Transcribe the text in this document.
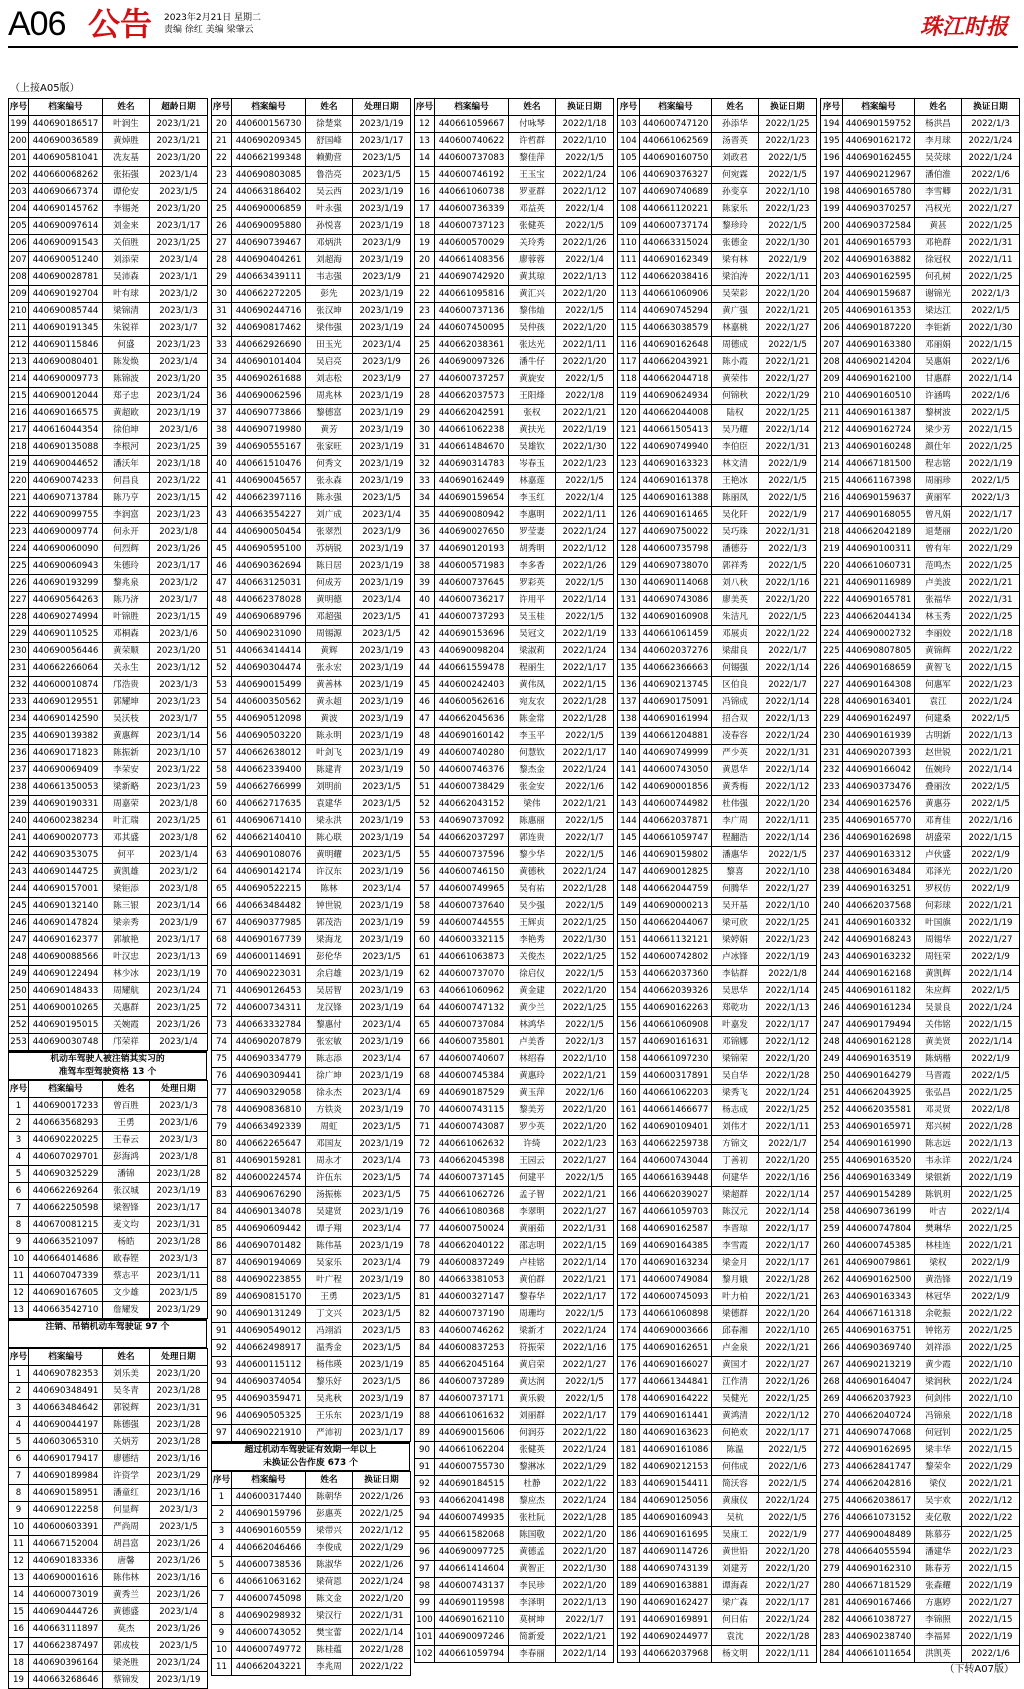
A06 公告 2023年2月21日 星期二
责编 徐红 美编 梁肇云	珠江时报
（上接A05版）
序号	档案编号	姓名	超龄日期
199	440690186517	叶润生	2023/1/21
200	440690036589	黄焯胜	2023/1/21
201	440690581041	冼友基	2023/1/20
202	440660068262	张拓强	2023/1/4
203	440690667374	谭伦安	2023/1/5
204	440690145762	李锡尧	2023/1/20
205	440690097614	刘金来	2023/1/17
206	440690091543	关佰胜	2023/1/25
207	440690051240	刘添荣	2023/1/4
208	440690028781	吴沛森	2023/1/1
209	440690192704	叶有球	2023/1/2
210	440690085744	梁锦清	2023/1/3
211	440690191345	朱锐祥	2023/1/7
212	440690115846	何盛	2023/1/23
213	440690080401	陈发焕	2023/1/4
214	440690009773	陈锦波	2023/1/20
215	440690012044	郑子忠	2023/1/24
216	440690166575	黄超欧	2023/1/19
217	440616044354	徐伯坤	2023/1/6
218	440690135088	李根河	2023/1/25
219	440690044652	潘沃年	2023/1/18
220	440690074233	何昌良	2023/1/22
221	440690713784	陈乃亨	2023/1/15
222	440690099755	李润富	2023/1/23
223	440690009774	何永开	2023/1/8
224	440690060090	何烈辉	2023/1/26
225	440690060943	朱德玲	2023/1/17
226	440690193299	黎兆泉	2023/1/2
227	440690564263	陈乃济	2023/1/7
228	440690274994	叶锦胜	2023/1/15
229	440690110525	邓桐森	2023/1/6
230	440690056446	黄荣顺	2023/1/20
231	440662266064	关永生	2023/1/12
232	440600010874	邝浩贵	2023/1/3
233	440690129551	郭耀坤	2023/1/23
234	440690142590	吴沃枝	2023/1/7
235	440690139382	黄惠辉	2023/1/14
236	440690171823	陈振新	2023/1/10
237	440690069409	李荣安	2023/1/22
238	440661350053	梁新略	2023/1/23
239	440690190331	周嘉荣	2023/1/8
240	440600238234	叶汇瑞	2023/1/25
241	440690020773	邓其盛	2023/1/8
242	440690353075	何平	2023/1/4
243	440690144725	黄凯雄	2023/1/2
244	440690157001	梁钜添	2023/1/8
245	440690132140	陈三银	2023/1/14
246	440690147824	梁亲秀	2023/1/9
247	440690162377	郭敏艳	2023/1/17
248	440690088566	叶汉忠	2023/1/13
249	440690122494	林少冰	2023/1/19
250	440690148433	周耀航	2023/1/24
251	440690010265	关惠群	2023/1/25
252	440690195015	关婉霞	2023/1/26
253	440690030748	邝荣祥	2023/1/4
机动车驾驶人被注销其实习的
准驾车型驾驶资格 13 个
序号	档案编号	姓名	处理日期
1	440690017233	曾百胜	2023/1/3
2	440663568293	王勇	2023/1/6
3	440690220225	王春云	2023/1/3
4	440607029701	彭海鸿	2023/1/8
5	440690325229	潘锦	2023/1/28
6	440662269264	张汉城	2023/1/19
7	440662250598	梁智锋	2023/1/17
8	440670081215	麦文均	2023/1/31
9	440663521097	杨皓	2023/1/28
10	440664014686	欧春铿	2023/1/3
11	440607047339	蔡志平	2023/1/11
12	440690167605	文少雄	2023/1/5
13	440663542710	詹耀发	2023/1/29
注销、吊销机动车驾驶证 97 个
序号	档案编号	姓名	处理日期
1	440690782353	刘乐美	2023/1/20
2	440690348491	吴冬青	2023/1/28
3	440663484642	郭锐辉	2023/1/31
4	440690044197	陈德强	2023/1/28
5	440603065310	关炳芳	2023/1/28
6	440690179417	廖德结	2023/1/16
7	440690189984	许资学	2023/1/29
8	440690158951	潘童红	2023/1/16
9	440690122258	何显辉	2023/1/3
10	440600603391	严尚周	2023/1/5
11	440667152004	胡昌富	2023/1/26
12	440690183336	唐馨	2023/1/26
13	440690001616	陈伟林	2023/1/16
14	440600073019	黄秀兰	2023/1/26
15	440690444726	黄德盛	2023/1/4
16	440663111897	莫杰	2023/1/26
17	440662387497	郭成枝	2023/1/5
18	440690396164	梁尧胜	2023/1/24
19	440663268646	蔡锦发	2023/1/19
序号	档案编号	姓名	处理日期
20	440600156730	徐楚棠	2023/1/19
21	440690209345	舒国峰	2023/1/17
22	440662199348	赖勤营	2023/1/5
23	440690803085	鲁浩亮	2023/1/5
24	440663186402	吴云西	2023/1/19
25	440690006859	叶永强	2023/1/19
26	440690095880	孙悦喜	2023/1/19
27	440690739467	邓炳洪	2023/1/9
28	440690404261	刘超海	2023/1/19
29	440663439111	韦志强	2023/1/9
30	440662272205	彭先	2023/1/19
31	440690244716	张汉坤	2023/1/19
32	440690817462	梁伟强	2023/1/19
33	440662926690	田玉光	2023/1/4
34	440690101404	吴启亮	2023/1/9
35	440690261688	刘志松	2023/1/9
36	440690062596	周兆林	2023/1/19
37	440690773866	黎德富	2023/1/19
38	440690719980	黄芳	2023/1/19
39	440690555167	张家旺	2023/1/19
40	440661510476	何秀文	2023/1/19
41	440690045657	张永森	2023/1/19
42	440662397116	陈永强	2023/1/5
43	440663554227	刘广成	2023/1/4
44	440690050454	张翠烈	2023/1/9
45	440690595100	苏炳锐	2023/1/19
46	440690362694	陈日居	2023/1/19
47	440663125031	何成芳	2023/1/19
48	440662378028	黄明德	2023/1/4
49	440690689796	邓超强	2023/1/5
50	440690231090	周锡源	2023/1/5
51	440663414414	黄辉	2023/1/19
52	440690304474	张永宏	2023/1/19
53	440690015499	黄善林	2023/1/19
54	440600350562	黄永超	2023/1/19
55	440690512098	黄波	2023/1/19
56	440690503220	陈永明	2023/1/19
57	440662638012	叶剑飞	2023/1/19
58	440662339400	陈建青	2023/1/19
59	440662766999	刘明前	2023/1/5
60	440662717635	袁建华	2023/1/5
61	440690671410	梁永洪	2023/1/19
62	440662140410	陈心联	2023/1/19
63	440690108076	黄明耀	2023/1/5
64	440690142174	许汉东	2023/1/19
65	440690522215	陈林	2023/1/4
66	440663484482	钟世锐	2023/1/19
67	440690377985	郭茂浩	2023/1/19
68	440690167739	梁海龙	2023/1/19
69	440600114691	彭伦华	2023/1/5
70	440690223031	余启雄	2023/1/19
71	440690126453	吴居智	2023/1/19
72	440600734311	龙汉锋	2023/1/19
73	440663332784	黎惠付	2023/1/4
74	440690207879	张宏敏	2023/1/19
75	440690334779	陈志添	2023/1/4
76	440690309441	徐广坤	2023/1/19
77	440690329058	徐永杰	2023/1/4
78	440690836810	方铁炎	2023/1/19
79	440663492339	周虹	2023/1/5
80	440662265647	邓国友	2023/1/19
81	440690159281	周永才	2023/1/4
82	440600224574	许伍东	2023/1/5
83	440690676290	汤振栋	2023/1/5
84	440690134078	吴建贤	2023/1/19
85	440690609442	谭子翔	2023/1/4
86	440690701482	陈伟基	2023/1/19
87	440690194069	吴家乐	2023/1/4
88	440690223855	叶广程	2023/1/19
89	440690815170	王勇	2023/1/5
90	440690131249	丁文兴	2023/1/5
91	440690549012	冯翊滔	2023/1/5
92	440662498917	温秀金	2023/1/5
93	440600115112	杨伟瑛	2023/1/19
94	440690374054	黎乐好	2023/1/5
95	440690359471	吴兆秋	2023/1/19
96	440690505325	王乐东	2023/1/19
97	440690221910	严沛初	2023/1/17
超过机动车驾驶证有效期一年以上
未换证公告作废 673 个
序号	档案编号	姓名	换证日期
1	440600317440	陈朝华	2022/1/26
2	440690159796	彭惠英	2022/1/25
3	440690160559	梁带兴	2022/1/12
4	440662046466	李俊成	2022/1/29
5	440600738536	陈淑华	2022/1/26
6	440661063162	梁荷恩	2022/1/24
7	440600745098	陈文金	2022/1/20
8	440690298932	梁汉行	2022/1/31
9	440600743052	樊宝蕾	2022/1/14
10	440600749772	陈桂蕴	2022/1/28
11	440662043221	李兆周	2022/1/22
序号	档案编号	姓名	换证日期
12	440661059667	付咏琴	2022/1/18
13	440600740622	许哲群	2022/1/10
14	440600737083	黎佳萍	2022/1/5
15	440600746192	王玉宝	2022/1/24
16	440661060738	罗亚群	2022/1/12
17	440600736339	邓益英	2022/1/4
18	440600737123	张健英	2022/1/5
19	440600570029	关玲秀	2022/1/26
20	440661408356	廖蓉蓉	2022/1/4
21	440690742920	黄其琼	2022/1/13
22	440661095816	黄汇兴	2022/1/20
23	440600737136	黎伟灿	2022/1/5
24	440607450095	吴仲孩	2022/1/20
25	440662038361	张达光	2022/1/11
26	440690097326	潘牛仔	2022/1/20
27	440600737257	黄旋安	2022/1/5
28	440662037573	王阳烽	2022/1/8
29	440662042591	张权	2022/1/21
30	440661062238	黄扶光	2022/1/19
31	440661484670	吴雄钦	2022/1/30
32	440690314783	岑春玉	2022/1/23
33	440690162449	林嘉莲	2022/1/5
34	440690159654	李玉红	2022/1/4
35	440690080942	李惠明	2022/1/11
36	440690027650	罗莹妻	2022/1/24
37	440690120193	胡秀明	2022/1/12
38	440600571983	李多香	2022/1/26
39	440600737645	罗彩英	2022/1/5
40	440600736217	许用平	2022/1/14
41	440600737293	吴玉桂	2022/1/5
42	440690153696	吴冠文	2022/1/19
43	440690098204	梁淑莉	2022/1/24
44	440661559478	程丽生	2022/1/17
45	440600242403	黄伟凤	2022/1/15
46	440600562616	宛友农	2022/1/28
47	440662045636	陈金常	2022/1/28
48	440690160142	李玉平	2022/1/5
49	440600740280	何慧钦	2022/1/17
50	440600746376	黎杰金	2022/1/24
51	440600738429	张金安	2022/1/6
52	440662043152	梁伟	2022/1/21
53	440690737092	陈惠丽	2022/1/5
54	440662037297	郭连贵	2022/1/7
55	440600737596	黎少华	2022/1/5
56	440600746150	黄德秋	2022/1/24
57	440600749965	吴有祐	2022/1/28
58	440600737640	吴少强	2022/1/5
59	440600744555	王辉贞	2022/1/25
60	440600332115	李艳秀	2022/1/30
61	440661063873	关俊杰	2022/1/25
62	440600737070	徐启仪	2022/1/5
63	440661060962	黄金建	2022/1/20
64	440600747132	黄少兰	2022/1/25
65	440600737084	林鸿华	2022/1/5
66	440600735801	卢美香	2022/1/3
67	440600740607	林绍春	2022/1/10
68	440600745384	黄惠玲	2022/1/21
69	440690187529	黄玉萍	2022/1/6
70	440600743115	黎美芳	2022/1/20
71	440600743087	罗少英	2022/1/20
72	440661062632	许绮	2022/1/23
73	440662045398	王园云	2022/1/27
74	440600737145	何建平	2022/1/5
75	440661062726	孟子智	2022/1/21
76	440661080368	李翠明	2022/1/27
77	440600750024	黄丽茹	2022/1/31
78	440662040122	邵志明	2022/1/15
79	440600837249	卢桂铭	2022/1/14
80	440663381053	黄伯群	2022/1/21
81	440600327147	黎春华	2022/1/17
82	440600737190	周珊均	2022/1/5
83	440600746262	梁新才	2022/1/24
84	440600837253	符振荣	2022/1/16
85	440662045164	黄启荣	2022/1/27
86	440600737289	黄达润	2022/1/5
87	440600737171	黄乐毅	2022/1/5
88	440661061632	刘丽群	2022/1/17
89	440690015606	何润芬	2022/1/22
90	440661062204	张健英	2022/1/24
91	440600755730	黎淋冰	2022/1/29
92	440690184515	杜静	2022/1/22
93	440662041498	黎应杰	2022/1/24
94	440600749935	张杜阮	2022/1/28
95	440661582068	陈国敬	2022/1/20
96	440690097725	黄德孟	2022/1/20
97	440661414604	黄智正	2022/1/30
98	440600743137	李民珍	2022/1/20
99	440690119598	李泽明	2022/1/13
100	440690162110	莫树坤	2022/1/7
101	440690097246	简新爱	2022/1/21
102	440661059794	李春丽	2022/1/14
序号	档案编号	姓名	换证日期
103	440600747120	孙添华	2022/1/25
104	440661062569	汤晋英	2022/1/23
105	440690160750	刘政君	2022/1/5
106	440690376327	何宛霖	2022/1/5
107	440690740689	孙变享	2022/1/10
108	440661120221	陈家乐	2022/1/23
109	440600737174	黎珍玲	2022/1/5
110	440663315024	张德金	2022/1/30
111	440690162349	梁有林	2022/1/9
112	440662038416	梁泊涛	2022/1/11
113	440661060906	吴荣彩	2022/1/20
114	440690745294	黄广强	2022/1/21
115	440663038579	林嘉桃	2022/1/27
116	440690162648	周德成	2022/1/5
117	440662043921	陈小霞	2022/1/21
118	440662044718	黄荣伟	2022/1/27
119	440690624934	何锦秋	2022/1/29
120	440662044008	陆权	2022/1/25
121	440661505413	吴乃耀	2022/1/14
122	440690749940	李伯臣	2022/1/31
123	440690163323	林文清	2022/1/9
124	440690161378	王艳冰	2022/1/5
125	440690161388	陈丽凤	2022/1/5
126	440690161465	吴化阡	2022/1/9
127	440690750022	吴巧珠	2022/1/31
128	440600735798	潘德芬	2022/1/3
129	440690738070	郭祥秀	2022/1/5
130	440690114068	刘八秋	2022/1/16
131	440690743086	廖美英	2022/1/20
132	440690160908	朱洁凡	2022/1/5
133	440661061459	邓展贞	2022/1/22
134	440602037276	梁甜良	2022/1/7
135	440662366663	何锡强	2022/1/14
136	440690213745	区伯良	2022/1/7
137	440690175091	冯锦成	2022/1/14
138	440690161994	招合双	2022/1/13
139	440661204881	凌春容	2022/1/24
140	440690749999	严少英	2022/1/31
141	440600743050	黄恩华	2022/1/14
142	440690001856	黄秀梅	2022/1/12
143	440600744982	杜伟强	2022/1/20
144	440662037871	李广周	2022/1/11
145	440661059747	程翻浩	2022/1/14
146	440690159802	潘惠华	2022/1/5
147	440690012825	黎喜	2022/1/10
148	440662044759	何腾华	2022/1/27
149	440690000213	吴开基	2022/1/10
150	440662044067	梁可欣	2022/1/25
151	440661132121	梁婷娟	2022/1/23
152	440600742802	卢冰锋	2022/1/19
153	440662037360	李钻群	2022/1/8
154	440662039326	吴思华	2022/1/14
155	440690162263	郑乾功	2022/1/13
156	440661060908	叶嘉发	2022/1/17
157	440690161631	邓锦娜	2022/1/12
158	440661097230	梁锦荣	2022/1/20
159	440600317891	吴自华	2022/1/28
160	440661062203	梁秀飞	2022/1/24
161	440661466677	杨志成	2022/1/25
162	440690109401	刘伟才	2022/1/11
163	440662259738	方锦文	2022/1/7
164	440600743044	丁善初	2022/1/20
165	440661639448	何建华	2022/1/16
166	440662039027	梁超群	2022/1/14
167	440661059703	陈汉元	2022/1/14
168	440690162587	李晋琼	2022/1/17
169	440690164385	李雪霞	2022/1/17
170	440690163234	梁金月	2022/1/17
171	440600749084	黎月娥	2022/1/28
172	440600745093	叶力柏	2022/1/21
173	440661060898	梁德群	2022/1/20
174	440690003666	邱春湘	2022/1/10
175	440690162651	卢金泉	2022/1/21
176	440690166027	黄国才	2022/1/27
177	440661344841	江作清	2022/1/26
178	440690164222	吴健光	2022/1/25
179	440690161441	黄鸿清	2022/1/12
180	440690163623	何艳欢	2022/1/17
181	440690161086	陈温	2022/1/5
182	440690212153	何伟成	2022/1/6
183	440690154411	简沃容	2022/1/5
184	440690125056	黄康仪	2022/1/24
185	440690160943	吴杭	2022/1/5
186	440690161695	吴康工	2022/1/9
187	440690114726	黄世铅	2022/1/20
188	440690743139	刘建芳	2022/1/20
189	440690163881	谭海森	2022/1/27
190	440690162427	梁广森	2022/1/17
191	440690169891	何日佑	2022/1/24
192	440690244977	袁沈	2022/1/28
193	440662037968	杨文明	2022/1/11
序号	档案编号	姓名	换证日期
194	440690159752	杨洪昌	2022/1/3
195	440690162172	李月球	2022/1/24
196	440690162455	吴荧球	2022/1/24
197	440690212967	潘伯淮	2022/1/6
198	440690165780	李雪卿	2022/1/31
199	440690370257	冯权光	2022/1/27
200	440690372584	黄甚	2022/1/25
201	440690165793	邓艳群	2022/1/31
202	440690163882	徐冠权	2022/1/11
203	440690162595	何孔树	2022/1/25
204	440690159687	谢锦光	2022/1/3
205	440690161353	梁达江	2022/1/5
206	440690187220	李钜新	2022/1/30
207	440690163380	邓丽娟	2022/1/15
208	440690214204	吴惠娟	2022/1/6
209	440690162100	甘惠群	2022/1/14
210	440690160510	许涵鸣	2022/1/6
211	440690161387	黎树波	2022/1/5
212	440690162724	梁少芳	2022/1/15
213	440690160248	颜仕年	2022/1/25
214	440667181500	程志铭	2022/1/19
215	440661167398	周丽珍	2022/1/5
216	440690159637	黄丽军	2022/1/3
217	440690168055	曾凡娟	2022/1/17
218	440662042189	退楚丽	2022/1/20
219	440690100311	曾有年	2022/1/29
220	440661060731	范鸣杰	2022/1/25
221	440690116989	卢美波	2022/1/21
222	440690165781	张福华	2022/1/31
223	440662044134	林玉秀	2022/1/25
224	440690002732	李丽姣	2022/1/18
225	440690807805	黄锦辉	2022/1/22
226	440690168659	黄智飞	2022/1/15
227	440690164308	何惠军	2022/1/23
228	440690163401	袁江	2022/1/24
229	440690162497	何建桑	2022/1/5
230	440690161939	古明新	2022/1/13
231	440690207393	赵世锐	2022/1/21
232	440690166042	伍婉玲	2022/1/14
233	440690373476	叠丽汝	2022/1/5
234	440690162576	黄惠芬	2022/1/5
235	440690165770	邓育佳	2022/1/16
236	440690162698	胡盛荣	2022/1/15
237	440690163312	卢伙盛	2022/1/9
238	440690163484	邓泽光	2022/1/20
239	440690163251	罗权仿	2022/1/9
240	440662037568	何彩球	2022/1/21
241	440690160332	叶国旗	2022/1/19
242	440690168243	周锡华	2022/1/27
243	440690163232	周钰荣	2022/1/9
244	440690162168	黄凯辉	2022/1/14
245	440690161182	朱应辉	2022/1/5
246	440690161234	吴景良	2022/1/24
247	440690179494	关伟铭	2022/1/15
248	440690162128	黄美贤	2022/1/14
249	440690163519	陈炳楷	2022/1/9
250	440690164279	马晋霞	2022/1/5
251	440662043925	张弘昌	2022/1/25
252	440662035581	邓灵贤	2022/1/8
253	440690165971	郑兴树	2022/1/28
254	440690161990	陈志远	2022/1/13
255	440690163520	韦永详	2022/1/24
256	440690163349	梁银新	2022/1/19
257	440690154289	陈钒玥	2022/1/25
258	440690736199	叶吉	2022/1/4
259	440600747804	樊琳华	2022/1/25
260	440600745385	林桂连	2022/1/21
261	440690079861	梁权	2022/1/9
262	440690162500	黄浩锋	2022/1/19
263	440690163343	林冠华	2022/1/9
264	440667161318	余乾振	2022/1/22
265	440690163751	钟铭芳	2022/1/25
266	440690369740	刘祥添	2022/1/25
267	440690213219	黄少霞	2022/1/10
268	440690164047	梁润秋	2022/1/24
269	440662037923	何剑伟	2022/1/10
270	440662040724	冯锦泉	2022/1/18
271	440690747068	何冠钊	2022/1/25
272	440690162695	梁丰华	2022/1/15
273	440662841747	黎荣伞	2022/1/29
274	440662042816	梁仪	2022/1/21
275	440662038617	吴宇欢	2022/1/12
276	440661073152	麦亿敬	2022/1/22
277	440690048489	陈慕芬	2022/1/25
278	440664055594	潘建华	2022/1/23
279	440690162310	陈春芳	2022/1/15
280	440667181529	张森耀	2022/1/19
281	440690167466	方惠婷	2022/1/27
282	440661038727	李锦照	2022/1/15
283	440690238740	李福昇	2022/1/19
284	440661011654	洪凯英	2022/1/6
（下转A07版）
